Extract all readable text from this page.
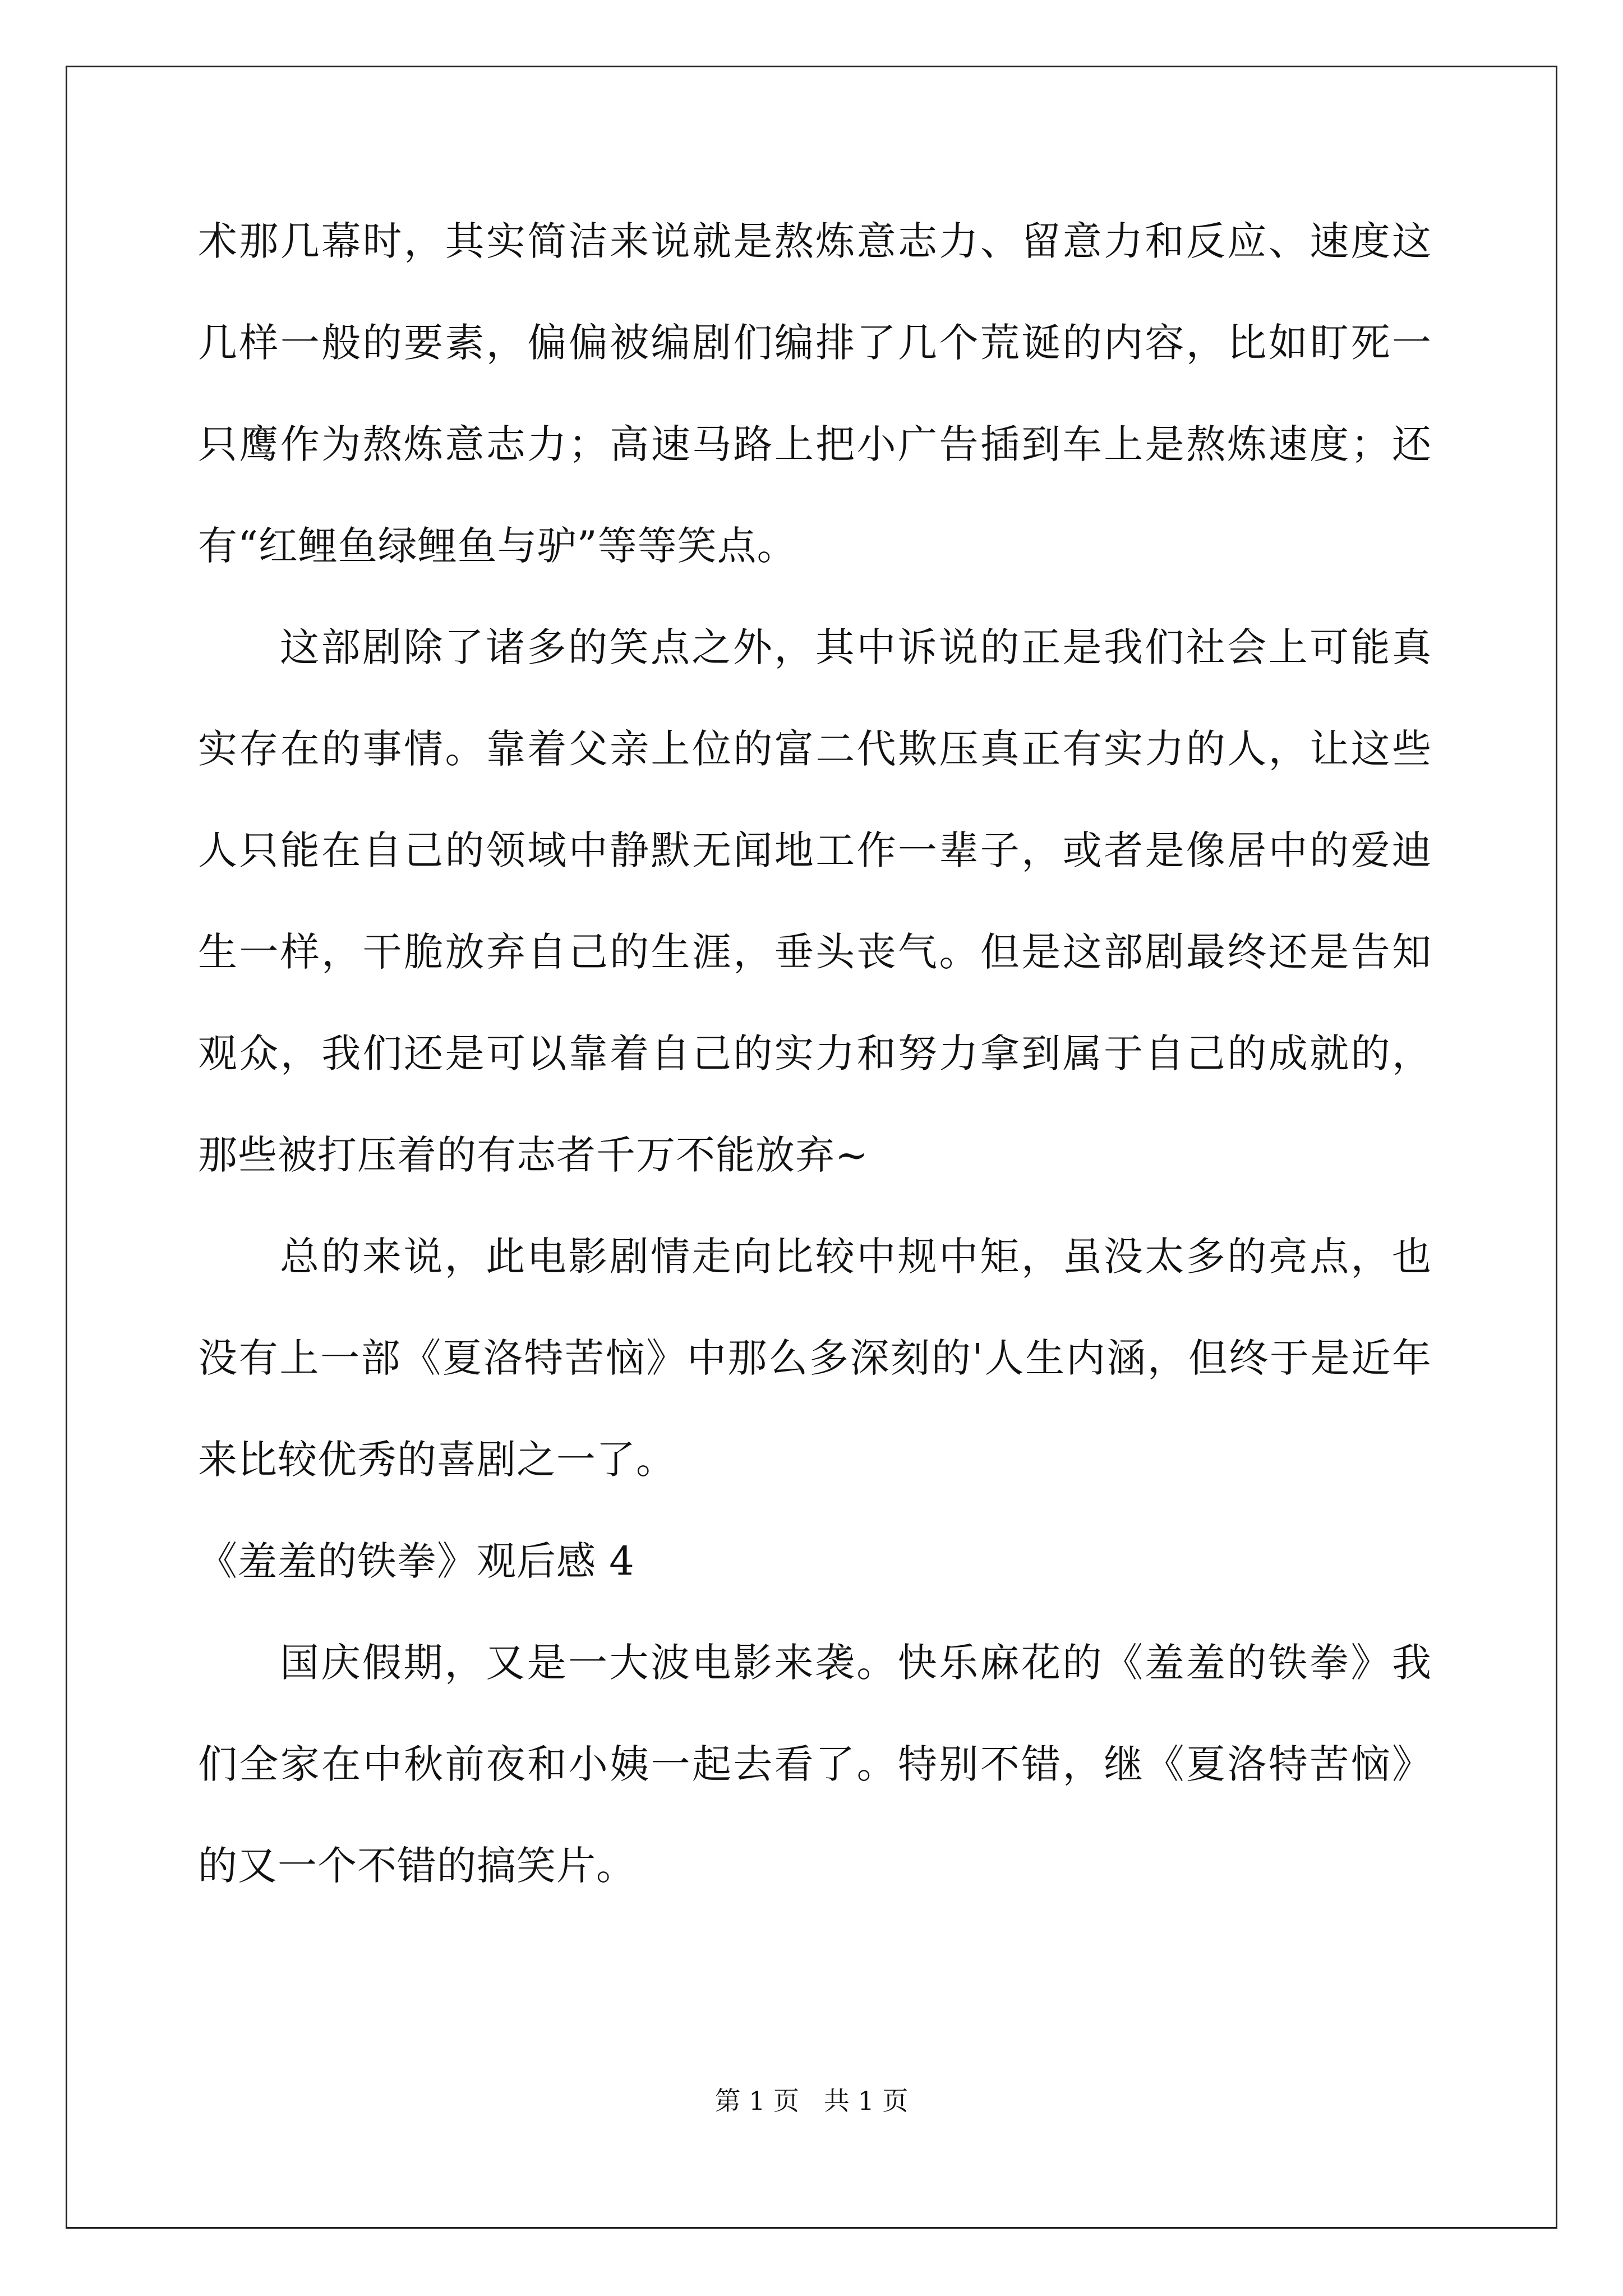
术那几幕时，其实简洁来说就是熬炼意志力、留意力和反应、速度这
几样一般的要素，偏偏被编剧们编排了几个荒诞的内容，比如盯死一
只鹰作为熬炼意志力；高速马路上把小广告插到车上是熬炼速度；还
有“红鲤鱼绿鲤鱼与驴”等等笑点。
这部剧除了诸多的笑点之外，其中诉说的正是我们社会上可能真
实存在的事情。靠着父亲上位的富二代欺压真正有实力的人，让这些
人只能在自己的领域中静默无闻地工作一辈子，或者是像居中的爱迪
生一样，干脆放弃自己的生涯，垂头丧气。但是这部剧最终还是告知
观众，我们还是可以靠着自己的实力和努力拿到属于自己的成就的，
那些被打压着的有志者千万不能放弃~
总的来说，此电影剧情走向比较中规中矩，虽没太多的亮点，也
没有上一部《夏洛特苦恼》中那么多深刻的'人生内涵，但终于是近年
来比较优秀的喜剧之一了。
《羞羞的铁拳》观后感 4
国庆假期，又是一大波电影来袭。快乐麻花的《羞羞的铁拳》我
们全家在中秋前夜和小姨一起去看了。特别不错，继《夏洛特苦恼》
的又一个不错的搞笑片。
第 1 页   共 1 页
